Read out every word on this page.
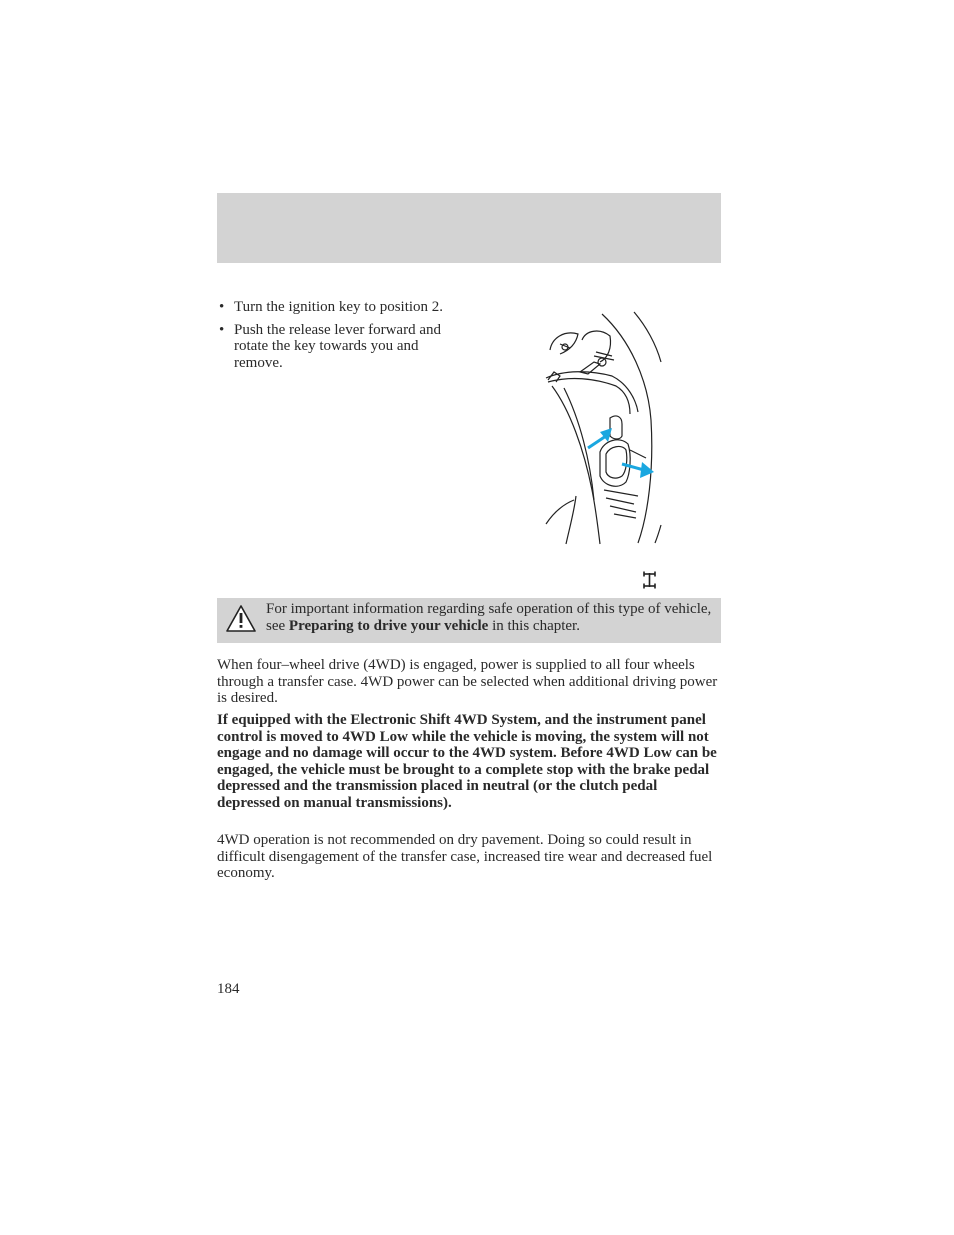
• Turn the ignition key to position 2.
• Push the release lever forward and rotate the key towards you and remove.
For important information regarding safe operation of this type of vehicle, see Preparing to drive your vehicle in this chapter.

When four–wheel drive (4WD) is engaged, power is supplied to all four wheels through a transfer case. 4WD power can be selected when additional driving power is desired.

If equipped with the Electronic Shift 4WD System, and the instrument panel control is moved to 4WD Low while the vehicle is moving, the system will not engage and no damage will occur to the 4WD system. Before 4WD Low can be engaged, the vehicle must be brought to a complete stop with the brake pedal depressed and the transmission placed in neutral (or the clutch pedal depressed on manual transmissions).

4WD operation is not recommended on dry pavement. Doing so could result in difficult disengagement of the transfer case, increased tire wear and decreased fuel economy.

184
